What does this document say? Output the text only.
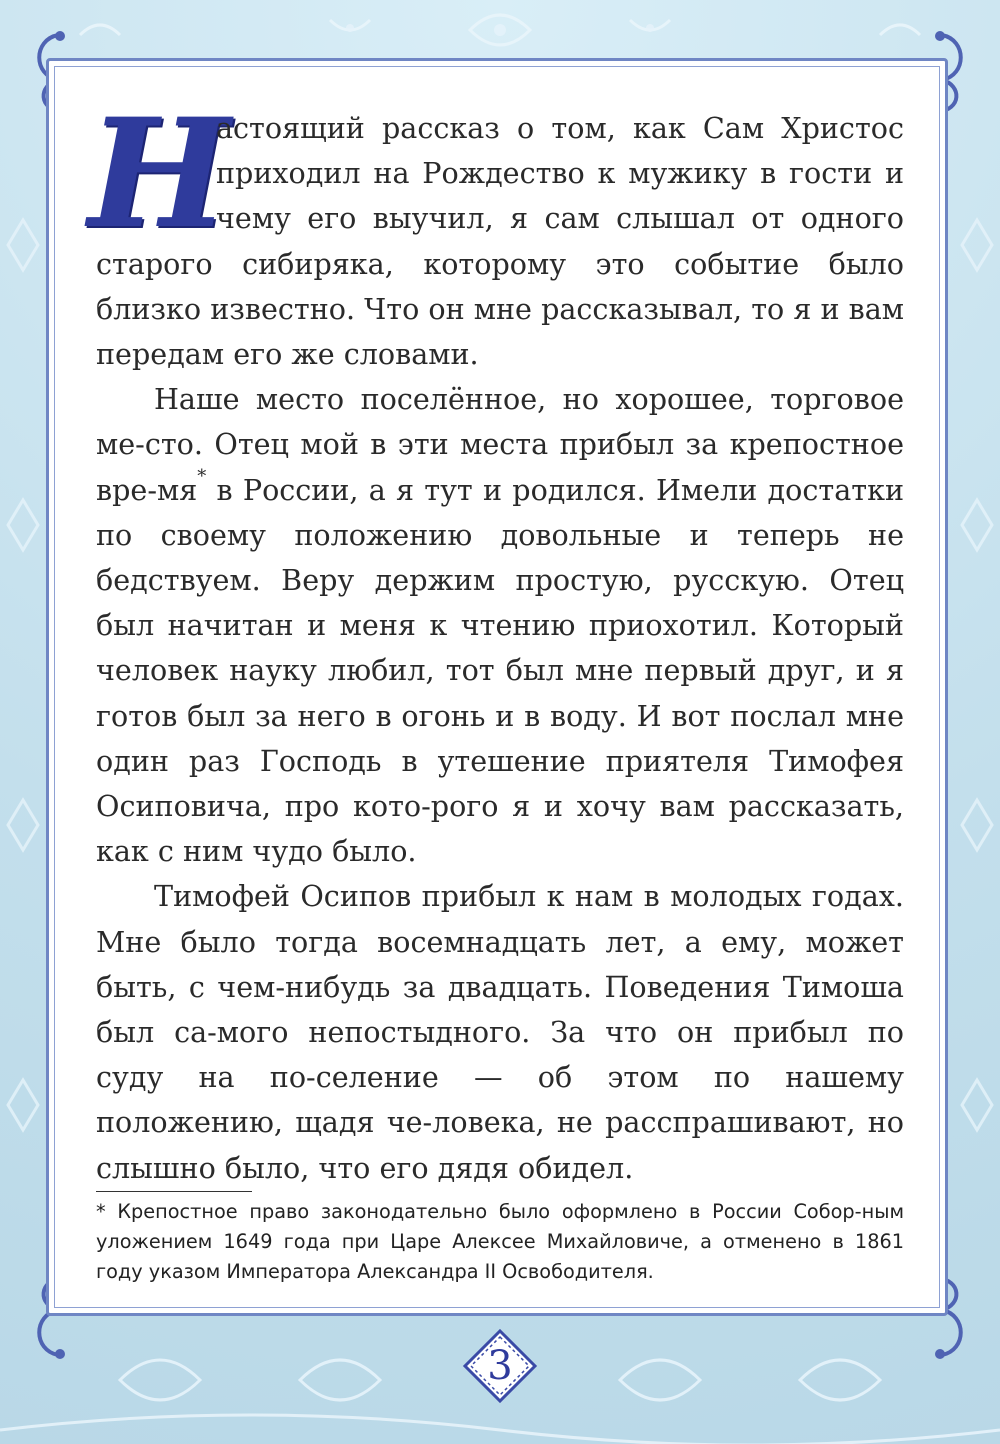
Н
астоящий рассказ о том, как Сам Христос приходил на Рождество к мужику в гости и чему его выучил, я сам слышал от одного старого сибиряка, которому это событие было близко известно. Что он мне рассказывал, то я и вам передам его же словами.

Наше место поселённое, но хорошее, торговое ме-сто. Отец мой в эти места прибыл за крепостное вре-мя* в России, а я тут и родился. Имели достатки по своему положению довольные и теперь не бедствуем. Веру держим простую, русскую. Отец был начитан и меня к чтению приохотил. Который человек науку любил, тот был мне первый друг, и я готов был за него в огонь и в воду. И вот послал мне один раз Господь в утешение приятеля Тимофея Осиповича, про кото-рого я и хочу вам рассказать, как с ним чудо было.

Тимофей Осипов прибыл к нам в молодых годах. Мне было тогда восемнадцать лет, а ему, может быть, с чем-нибудь за двадцать. Поведения Тимоша был са-мого непостыдного. За что он прибыл по суду на по-селение — об этом по нашему положению, щадя че-ловека, не расспрашивают, но слышно было, что его дядя обидел.

* Крепостное право законодательно было оформлено в России Собор-ным уложением 1649 года при Царе Алексее Михайловиче, а отменено в 1861 году указом Императора Александра II Освободителя.

3
